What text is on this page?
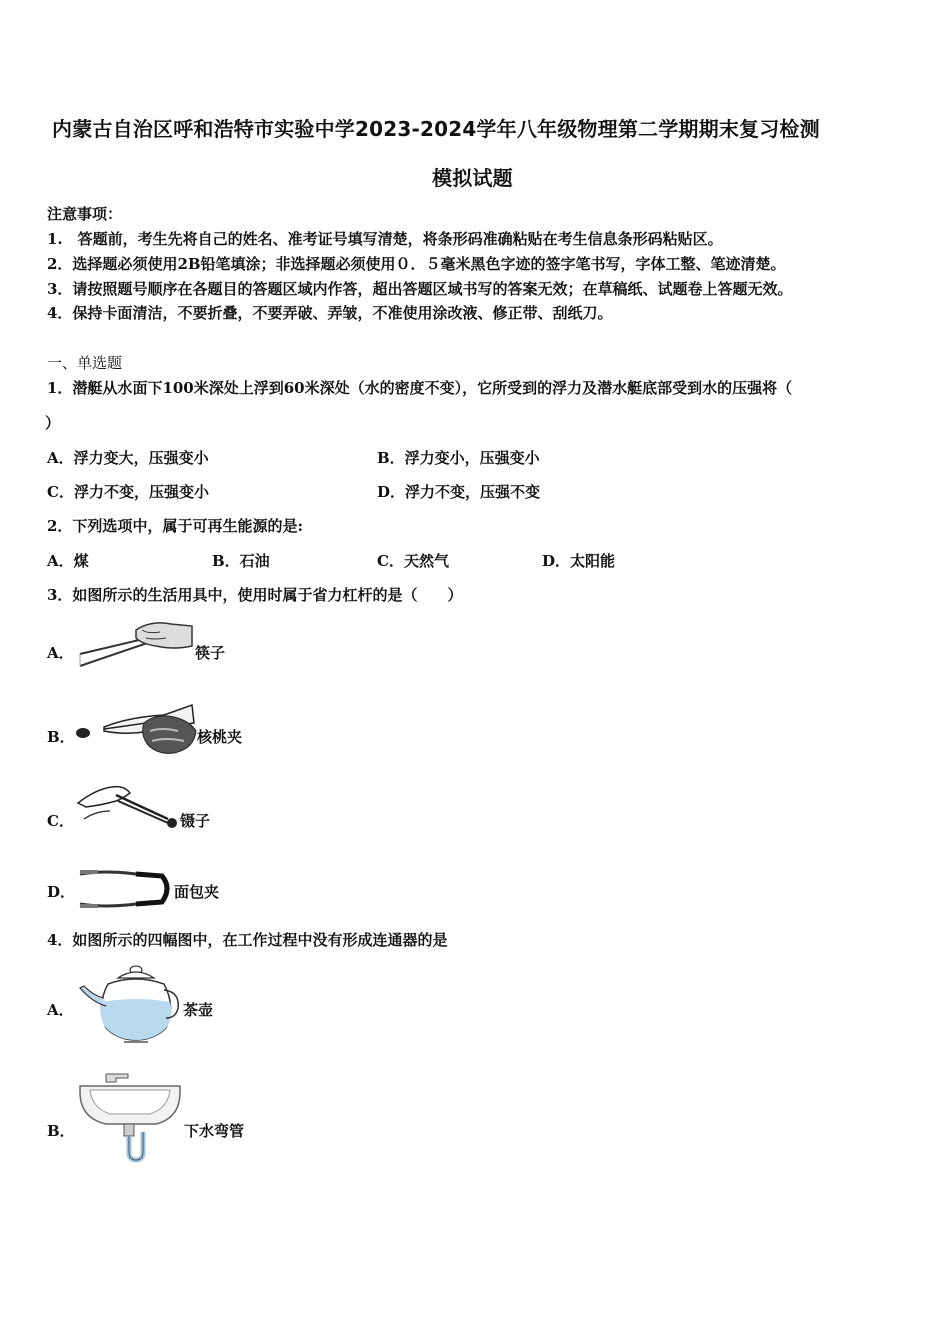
内蒙古自治区呼和浩特市实验中学2023-2024学年八年级物理第二学期期末复习检测
模拟试题
注意事项：
1.　答题前，考生先将自己的姓名、准考证号填写清楚，将条形码准确粘贴在考生信息条形码粘贴区。
2．选择题必须使用2B铅笔填涂；非选择题必须使用０．５毫米黑色字迹的签字笔书写，字体工整、笔迹清楚。
3．请按照题号顺序在各题目的答题区域内作答，超出答题区域书写的答案无效；在草稿纸、试题卷上答题无效。
4．保持卡面清洁，不要折叠，不要弄破、弄皱，不准使用涂改液、修正带、刮纸刀。
一、单选题
1．潜艇从水面下100米深处上浮到60米深处（水的密度不变），它所受到的浮力及潜水艇底部受到水的压强将（
）
A．浮力变大，压强变小	B．浮力变小，压强变小
C．浮力不变，压强变小	D．浮力不变，压强不变
2．下列选项中，属于可再生能源的是:
A．煤	B．石油	C．天然气	D．太阳能
3．如图所示的生活用具中，使用时属于省力杠杆的是（　　）
A．	筷子
B．	核桃夹
C．	镊子
D．	面包夹
4．如图所示的四幅图中，在工作过程中没有形成连通器的是
A．	茶壶
B．	下水弯管
